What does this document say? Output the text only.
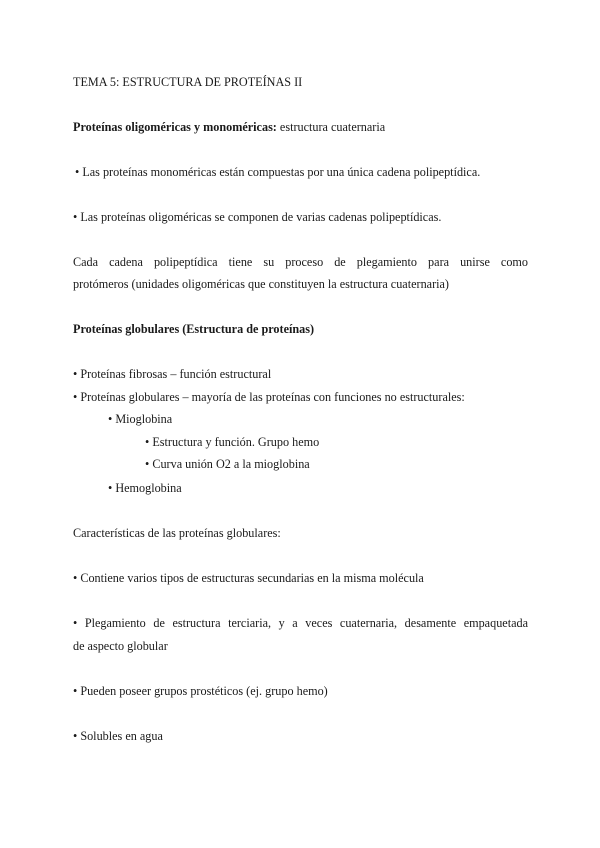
TEMA 5: ESTRUCTURA DE PROTEÍNAS II
Proteínas oligoméricas y monoméricas: estructura cuaternaria
• Las proteínas monoméricas están compuestas por una única cadena polipeptídica.
• Las proteínas oligoméricas se componen de varias cadenas polipeptídicas.
Cada cadena polipeptídica tiene su proceso de plegamiento para unirse como
protómeros (unidades oligoméricas que constituyen la estructura cuaternaria)
Proteínas globulares (Estructura de proteínas)
• Proteínas fibrosas – función estructural
• Proteínas globulares – mayoría de las proteínas con funciones no estructurales:
• Mioglobina
• Estructura y función. Grupo hemo
• Curva unión O2 a la mioglobina
• Hemoglobina
Características de las proteínas globulares:
• Contiene varios tipos de estructuras secundarias en la misma molécula
• Plegamiento de estructura terciaria, y a veces cuaternaria, desamente empaquetada
de aspecto globular
• Pueden poseer grupos prostéticos (ej. grupo hemo)
• Solubles en agua
